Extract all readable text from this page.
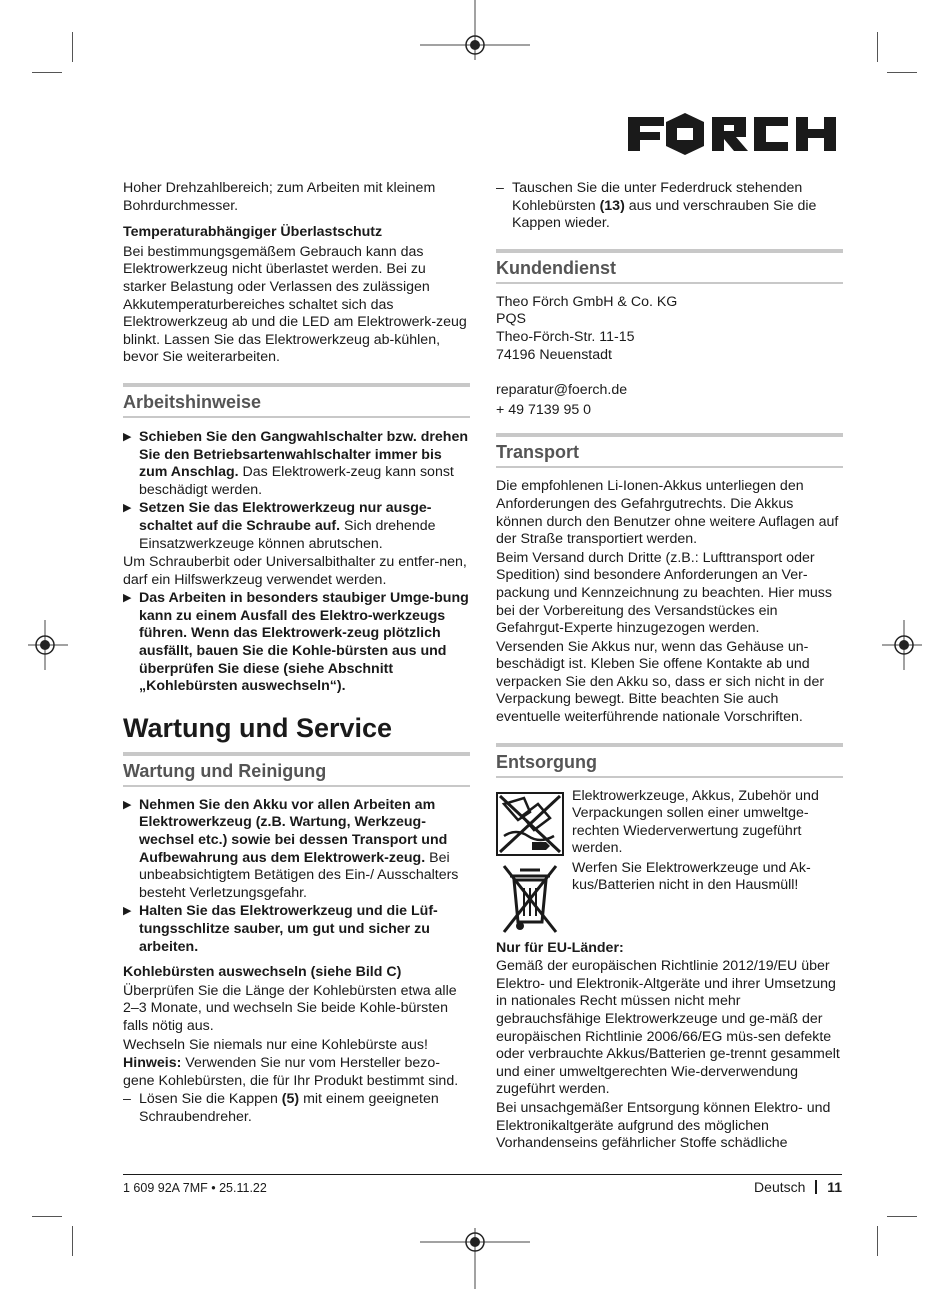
Hoher Drehzahlbereich; zum Arbeiten mit kleinem Bohrdurchmesser.

Temperaturabhängiger Überlastschutz

Bei bestimmungsgemäßem Gebrauch kann das Elektrowerkzeug nicht überlastet werden. Bei zu starker Belastung oder Verlassen des zulässigen Akkutemperaturbereiches schaltet sich das Elektrowerkzeug ab und die LED am Elektrowerk-zeug blinkt. Lassen Sie das Elektrowerkzeug ab-kühlen, bevor Sie weiterarbeiten.

Arbeitshinweise
▶ Schieben Sie den Gangwahlschalter bzw. drehen Sie den Betriebsartenwahlschalter immer bis zum Anschlag. Das Elektrowerk-zeug kann sonst beschädigt werden.
▶ Setzen Sie das Elektrowerkzeug nur ausge-schaltet auf die Schraube auf. Sich drehende Einsatzwerkzeuge können abrutschen.

Um Schrauberbit oder Universalbithalter zu entfer-nen, darf ein Hilfswerkzeug verwendet werden.

▶ Das Arbeiten in besonders staubiger Umge-bung kann zu einem Ausfall des Elektro-werkzeugs führen. Wenn das Elektrowerk-zeug plötzlich ausfällt, bauen Sie die Kohle-bürsten aus und überprüfen Sie diese (siehe Abschnitt „Kohlebürsten auswechseln“).

Wartung und Service

Wartung und Reinigung
▶ Nehmen Sie den Akku vor allen Arbeiten am Elektrowerkzeug (z.B. Wartung, Werkzeug-wechsel etc.) sowie bei dessen Transport und Aufbewahrung aus dem Elektrowerk-zeug. Bei unbeabsichtigtem Betätigen des Ein-/ Ausschalters besteht Verletzungsgefahr.
▶ Halten Sie das Elektrowerkzeug und die Lüf-tungsschlitze sauber, um gut und sicher zu arbeiten.

Kohlebürsten auswechseln (siehe Bild C)

Überprüfen Sie die Länge der Kohlebürsten etwa alle 2–3 Monate, und wechseln Sie beide Kohle-bürsten falls nötig aus.

Wechseln Sie niemals nur eine Kohlebürste aus!

Hinweis: Verwenden Sie nur vom Hersteller bezo-gene Kohlebürsten, die für Ihr Produkt bestimmt sind.

– Lösen Sie die Kappen (5) mit einem geeigneten Schraubendreher.
– Tauschen Sie die unter Federdruck stehenden Kohlebürsten (13) aus und verschrauben Sie die Kappen wieder.
Kundendienst

Theo Förch GmbH & Co. KG

PQS

Theo-Förch-Str. 11-15

74196 Neuenstadt

reparatur@foerch.de

+ 49 7139 95 0

Transport

Die empfohlenen Li-Ionen-Akkus unterliegen den Anforderungen des Gefahrgutrechts. Die Akkus können durch den Benutzer ohne weitere Auflagen auf der Straße transportiert werden.

Beim Versand durch Dritte (z.B.: Lufttransport oder Spedition) sind besondere Anforderungen an Ver-packung und Kennzeichnung zu beachten. Hier muss bei der Vorbereitung des Versandstückes ein Gefahrgut-Experte hinzugezogen werden.

Versenden Sie Akkus nur, wenn das Gehäuse un-beschädigt ist. Kleben Sie offene Kontakte ab und verpacken Sie den Akku so, dass er sich nicht in der Verpackung bewegt. Bitte beachten Sie auch eventuelle weiterführende nationale Vorschriften.

Entsorgung

Elektrowerkzeuge, Akkus, Zubehör und Verpackungen sollen einer umweltge-rechten Wiederverwertung zugeführt werden.

Werfen Sie Elektrowerkzeuge und Ak-kus/Batterien nicht in den Hausmüll!

Nur für EU-Länder:

Gemäß der europäischen Richtlinie 2012/19/EU über Elektro- und Elektronik-Altgeräte und ihrer Umsetzung in nationales Recht müssen nicht mehr gebrauchsfähige Elektrowerkzeuge und ge-mäß der europäischen Richtlinie 2006/66/EG müs-sen defekte oder verbrauchte Akkus/Batterien ge-trennt gesammelt und einer umweltgerechten Wie-derverwendung zugeführt werden.

Bei unsachgemäßer Entsorgung können Elektro- und Elektronikaltgeräte aufgrund des möglichen Vorhandenseins gefährlicher Stoffe schädliche

1 609 92A 7MF • 25.11.22	Deutsch 11
